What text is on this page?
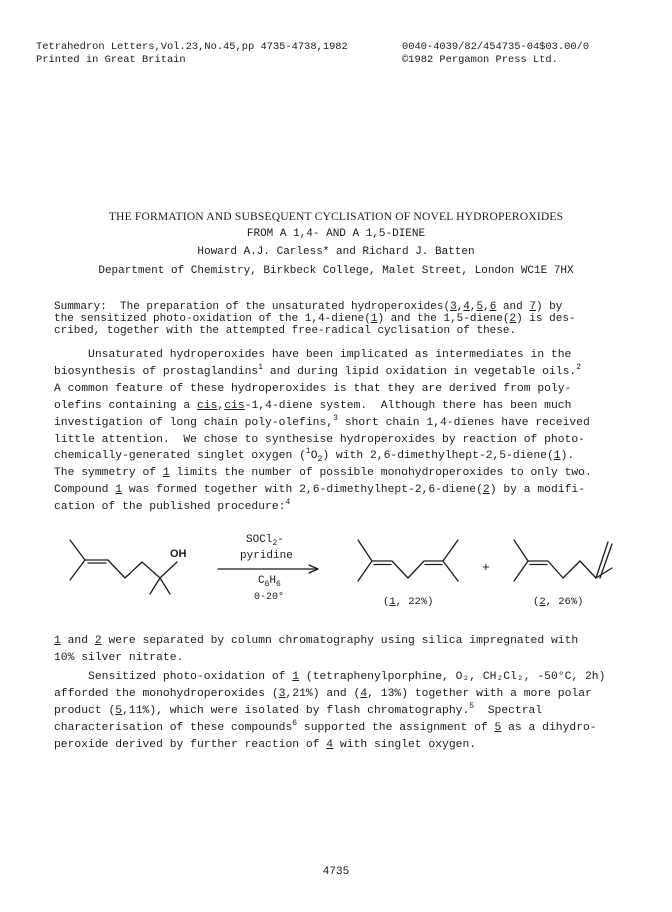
Tetrahedron Letters,Vol.23,No.45,pp 4735-4738,1982
Printed in Great Britain
0040-4039/82/454735-04$03.00/0
©1982 Pergamon Press Ltd.
THE FORMATION AND SUBSEQUENT CYCLISATION OF NOVEL HYDROPEROXIDES
FROM A 1,4- AND A 1,5-DIENE
Howard A.J. Carless* and Richard J. Batten
Department of Chemistry, Birkbeck College, Malet Street, London WC1E 7HX
Summary:  The preparation of the unsaturated hydroperoxides(3,4,5,6 and 7) by
the sensitized photo-oxidation of the 1,4-diene(1) and the 1,5-diene(2) is des-
cribed, together with the attempted free-radical cyclisation of these.
Unsaturated hydroperoxides have been implicated as intermediates in the
biosynthesis of prostaglandins$^1$ and during lipid oxidation in vegetable oils.$^2$
A common feature of these hydroperoxides is that they are derived from poly-
olefins containing a cis,cis-1,4-diene system.  Although there has been much
investigation of long chain poly-olefins,$^3$ short chain 1,4-dienes have received
little attention.  We chose to synthesise hydroperoxides by reaction of photo-
chemically-generated singlet oxygen $(^1O_2)$ with 2,6-dimethylhept-2,5-diene(1).
The symmetry of 1 limits the number of possible monohydroperoxides to only two.
Compound 1 was formed together with 2,6-dimethylhept-2,6-diene(2) by a modifi-
cation of the published procedure:$^4$
OH
SOCl$_2$-
pyridine
$C_6H_6$
0-20°
+
(1, 22%)	(2, 26%)
1 and 2 were separated by column chromatography using silica impregnated with
10% silver nitrate.
Sensitized photo-oxidation of 1 (tetraphenylporphine, O₂, CH₂Cl₂, -50°C, 2h)
afforded the monohydroperoxides (3,21%) and (4, 13%) together with a more polar
product (5,11%), which were isolated by flash chromatography.$^5$  Spectral
characterisation of these compounds$^6$ supported the assignment of 5 as a dihydro-
peroxide derived by further reaction of 4 with singlet oxygen.
4735
